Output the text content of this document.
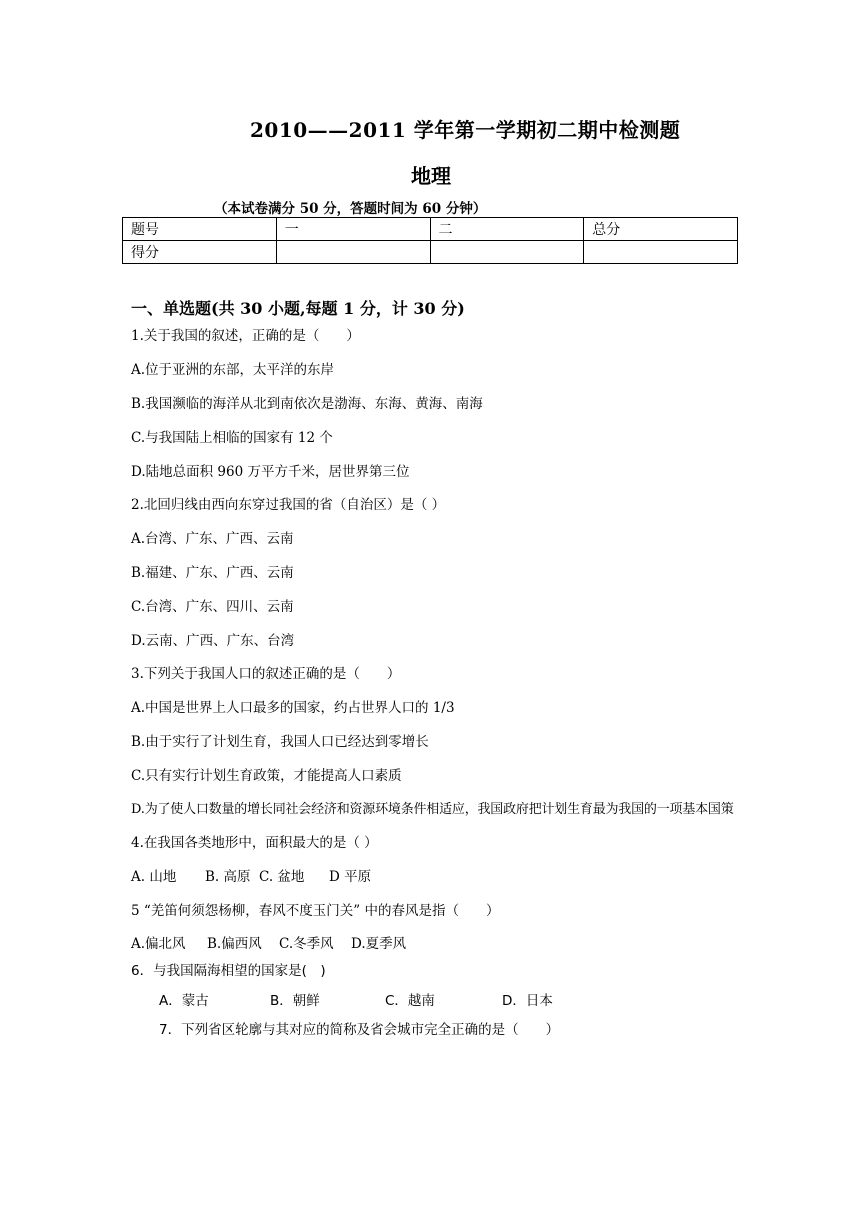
2010——2011 学年第一学期初二期中检测题
地理
（本试卷满分 50 分，答题时间为 60 分钟）
题号	一	二	总分
得分			
一、单选题(共 30 小题,每题 1 分，计 30 分)
1.关于我国的叙述，正确的是（　　）
A.位于亚洲的东部，太平洋的东岸
B.我国濒临的海洋从北到南依次是渤海、东海、黄海、南海
C.与我国陆上相临的国家有 12 个
D.陆地总面积 960 万平方千米，居世界第三位
2.北回归线由西向东穿过我国的省（自治区）是（ ）
A.台湾、广东、广西、云南
B.福建、广东、广西、云南
C.台湾、广东、四川、云南
D.云南、广西、广东、台湾
3.下列关于我国人口的叙述正确的是（　　）
A.中国是世界上人口最多的国家，约占世界人口的 1/3
B.由于实行了计划生育，我国人口已经达到零增长
C.只有实行计划生育政策，才能提高人口素质
D.为了使人口数量的增长同社会经济和资源环境条件相适应，我国政府把计划生育最为我国的一项基本国策
4.在我国各类地形中，面积最大的是（ ）
A. 山地 B. 高原 C. 盆地 D 平原
5 “羌笛何须怨杨柳，春风不度玉门关” 中的春风是指（　　）
A.偏北风 B.偏西风 C.冬季风 D.夏季风
6．与我国隔海相望的国家是(　)
A．蒙古	B．朝鲜	C．越南	D．日本
7．下列省区轮廓与其对应的简称及省会城市完全正确的是（　　）
